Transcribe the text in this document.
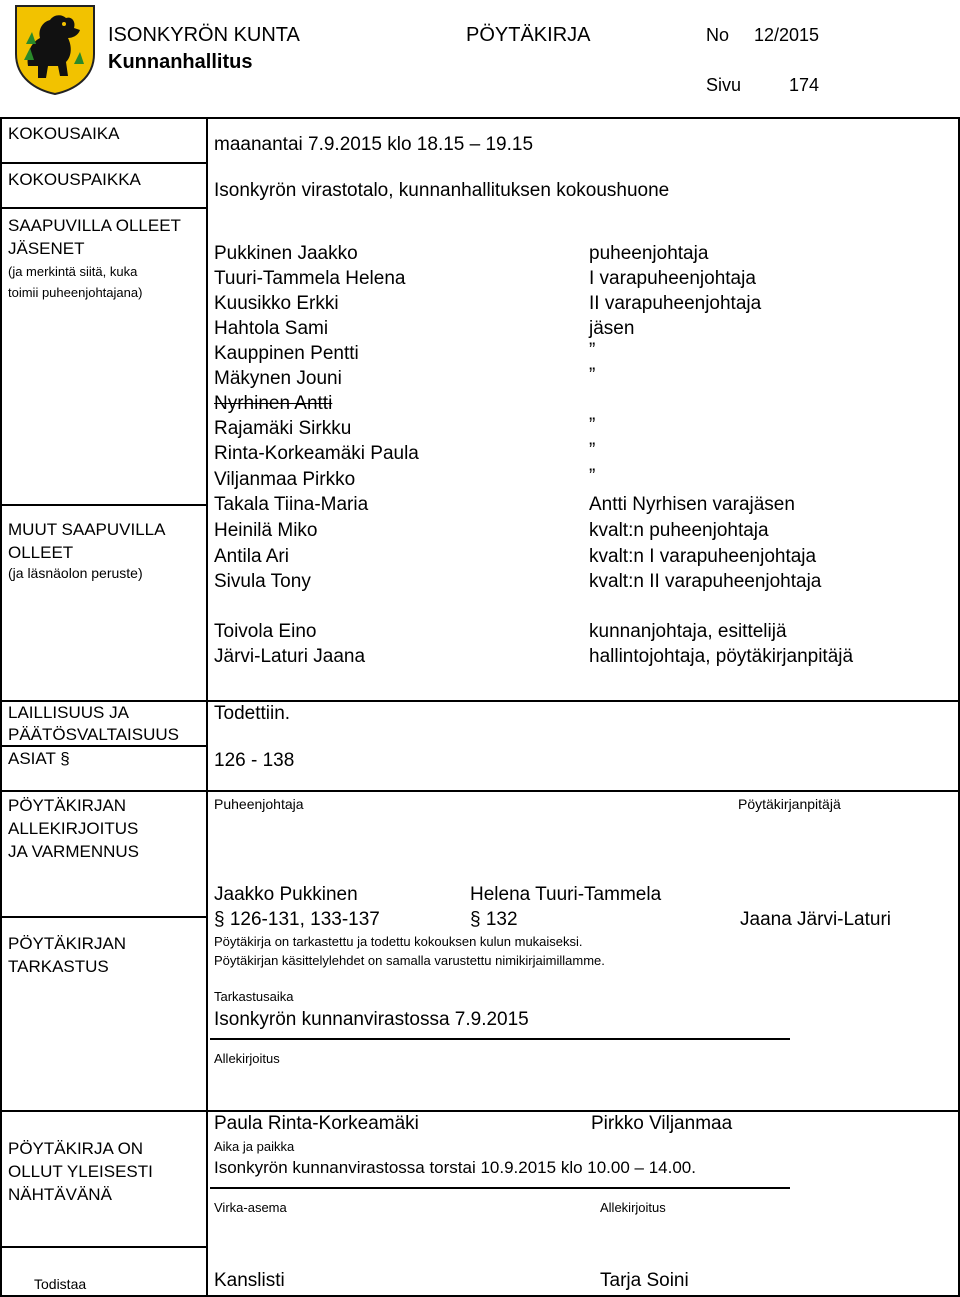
ISONKYRÖN KUNTA
Kunnanhallitus
PÖYTÄKIRJA	No 12/2015
Sivu	174
KOKOUSAIKA
maanantai 7.9.2015 klo 18.15 – 19.15
KOKOUSPAIKKA
Isonkyrön virastotalo, kunnanhallituksen kokoushuone
SAAPUVILLA OLLEET
JÄSENET
(ja merkintä siitä, kuka
toimii puheenjohtajana)
Pukkinen Jaakko	puheenjohtaja
Tuuri-Tammela Helena	I varapuheenjohtaja
Kuusikko Erkki	II varapuheenjohtaja
Hahtola Sami	jäsen
Kauppinen Pentti	”
Mäkynen Jouni	”
Nyrhinen Antti
Rajamäki Sirkku	”
Rinta-Korkeamäki Paula	”
Viljanmaa Pirkko	”
Takala Tiina-Maria	Antti Nyrhisen varajäsen
MUUT SAAPUVILLA
OLLEET
(ja läsnäolon peruste)
Heinilä Miko	kvalt:n puheenjohtaja
Antila Ari	kvalt:n I varapuheenjohtaja
Sivula Tony	kvalt:n II varapuheenjohtaja
Toivola Eino	kunnanjohtaja, esittelijä
Järvi-Laturi Jaana	hallintojohtaja, pöytäkirjanpitäjä
LAILLISUUS JA
PÄÄTÖSVALTAISUUS
Todettiin.
ASIAT §	126 - 138
PÖYTÄKIRJAN
ALLEKIRJOITUS
JA VARMENNUS
Puheenjohtaja	Pöytäkirjanpitäjä
Jaakko Pukkinen
§ 126-131, 133-137
Helena Tuuri-Tammela
§ 132	Jaana Järvi-Laturi
PÖYTÄKIRJAN
TARKASTUS
Pöytäkirja on tarkastettu ja todettu kokouksen kulun mukaiseksi.
Pöytäkirjan käsittelylehdet on samalla varustettu nimikirjaimillamme.
Tarkastusaika
Isonkyrön kunnanvirastossa 7.9.2015
Allekirjoitus
Paula Rinta-Korkeamäki	Pirkko Viljanmaa
PÖYTÄKIRJA ON
OLLUT YLEISESTI
NÄHTÄVÄNÄ
Aika ja paikka
Isonkyrön kunnanvirastossa torstai 10.9.2015 klo 10.00 – 14.00.
Virka-asema	Allekirjoitus
Todistaa	Kanslisti	Tarja Soini
